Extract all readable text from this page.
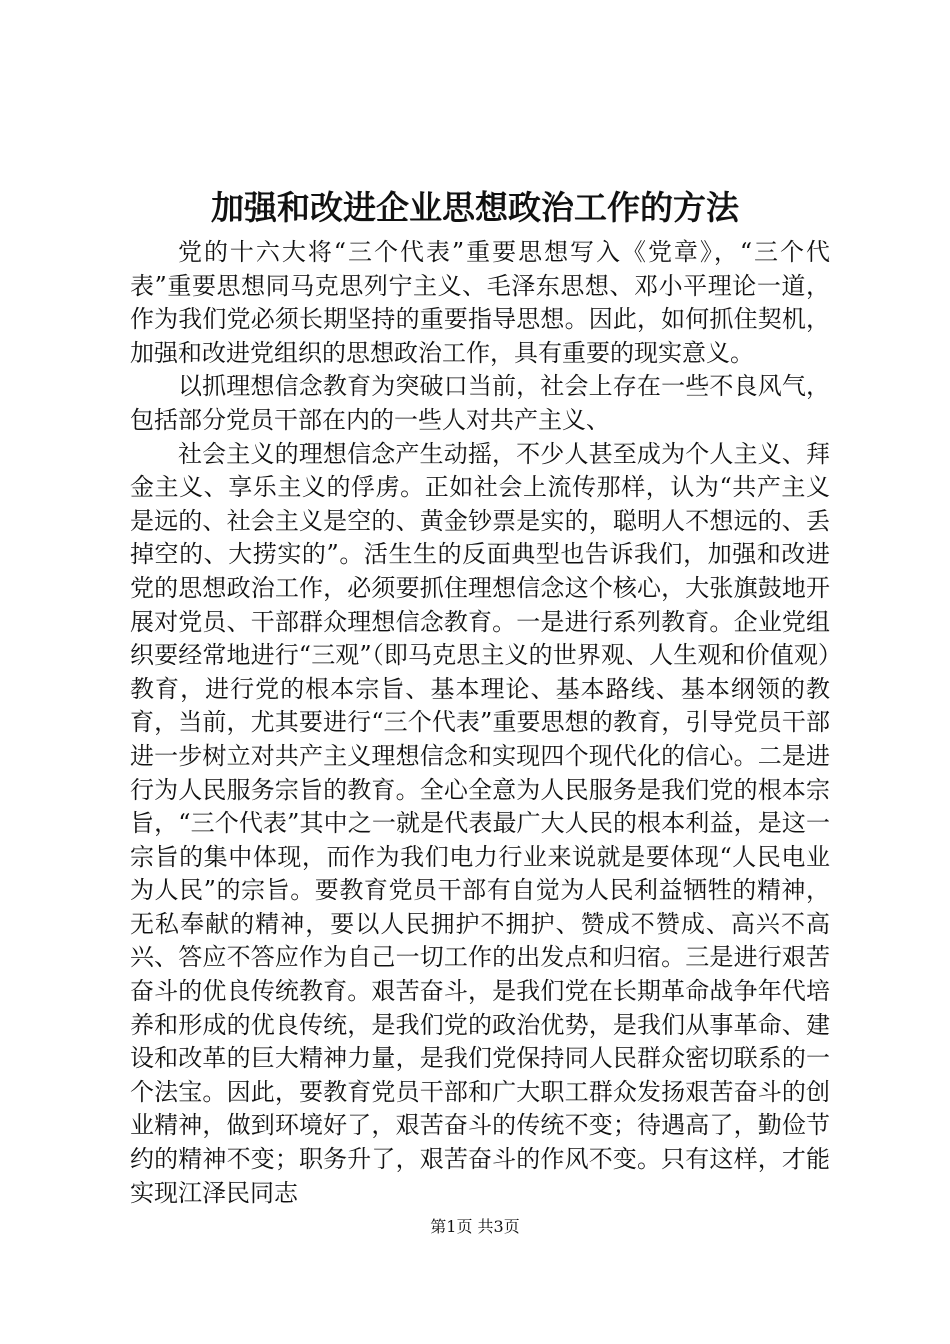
加强和改进企业思想政治工作的方法

党的十六大将“三个代表”重要思想写入《党章》，“三个代表”重要思想同马克思列宁主义、毛泽东思想、邓小平理论一道，作为我们党必须长期坚持的重要指导思想。因此，如何抓住契机，加强和改进党组织的思想政治工作，具有重要的现实意义。

以抓理想信念教育为突破口当前，社会上存在一些不良风气，包括部分党员干部在内的一些人对共产主义、

社会主义的理想信念产生动摇，不少人甚至成为个人主义、拜金主义、享乐主义的俘虏。正如社会上流传那样，认为“共产主义是远的、社会主义是空的、黄金钞票是实的，聪明人不想远的、丢掉空的、大捞实的”。活生生的反面典型也告诉我们，加强和改进党的思想政治工作，必须要抓住理想信念这个核心，大张旗鼓地开展对党员、干部群众理想信念教育。一是进行系列教育。企业党组织要经常地进行“三观”（即马克思主义的世界观、人生观和价值观）教育，进行党的根本宗旨、基本理论、基本路线、基本纲领的教育，当前，尤其要进行“三个代表”重要思想的教育，引导党员干部进一步树立对共产主义理想信念和实现四个现代化的信心。二是进行为人民服务宗旨的教育。全心全意为人民服务是我们党的根本宗旨，“三个代表”其中之一就是代表最广大人民的根本利益，是这一宗旨的集中体现，而作为我们电力行业来说就是要体现“人民电业为人民”的宗旨。要教育党员干部有自觉为人民利益牺牲的精神，无私奉献的精神，要以人民拥护不拥护、赞成不赞成、高兴不高兴、答应不答应作为自己一切工作的出发点和归宿。三是进行艰苦奋斗的优良传统教育。艰苦奋斗，是我们党在长期革命战争年代培养和形成的优良传统，是我们党的政治优势，是我们从事革命、建设和改革的巨大精神力量，是我们党保持同人民群众密切联系的一个法宝。因此，要教育党员干部和广大职工群众发扬艰苦奋斗的创业精神，做到环境好了，艰苦奋斗的传统不变；待遇高了，勤俭节约的精神不变；职务升了，艰苦奋斗的作风不变。只有这样，才能实现江泽民同志

第1页 共3页
